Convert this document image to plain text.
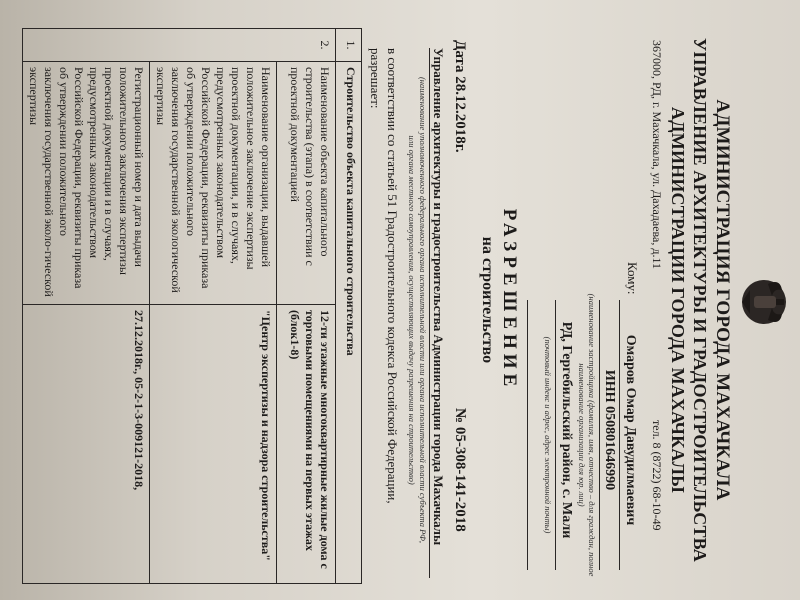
АДМИНИСТРАЦИЯ ГОРОДА МАХАЧКАЛА
УПРАВЛЕНИЕ АРХИТЕКТУРЫ И ГРАДОСТРОИТЕЛЬСТВА
АДМИНИСТРАЦИИ ГОРОДА МАХАЧКАЛЫ
367000, РД, г. Махачкала, ул. Дахадаева, д.11
тел. 8 (8722) 68-10-49
Кому:
Омаров Омар Давудилмаевич
ИНН 050801646990
(наименование застройщика (фамилия, имя, отчество – для граждан, полное наименование организации для юр. лиц)
РД, Гергебильский район, с. Мали
(почтовый индекс и адрес, адрес электронной почты)
РАЗРЕШЕНИЕ
на строительство
Дата 28.12.2018г.
№ 05-308-141-2018
Управление архитектуры и градостроительства Администрации города Махачкалы
(наименование уполномоченного федерального органа исполнительной власти или органа исполнительной власти субъекта РФ,
или органа местного самоуправления, осуществляющих выдачу разрешения на строительство)
в соответствии со статьей 51 Градостроительного кодекса Российской Федерации,
разрешает:
1.	Строительство объекта капитального строительства	
2.	Наименование объекта капитального строительства (этапа) в соответствии с проектной документацией	12-ти этажные многоквартирные жилые дома с торговыми помещениями на первых этажах (блок1-8)
	Наименование организации, выдавшей положительное заключение экспертизы проектной документации, и в случаях, предусмотренных законодательством Российской Федерации, реквизиты приказа об утверждении положительного заключения государственной экологической экспертизы	"Центр экспертизы и надзора строительства"
	Регистрационный номер и дата выдачи положительного заключения экспертизы проектной документации и в случаях, предусмотренных законодательством Российской Федерации, реквизиты приказа об утверждении положительного заключения государственной эколо-гической экспертизы	27.12.2018г., 05-2-1-3-009121-2018,
